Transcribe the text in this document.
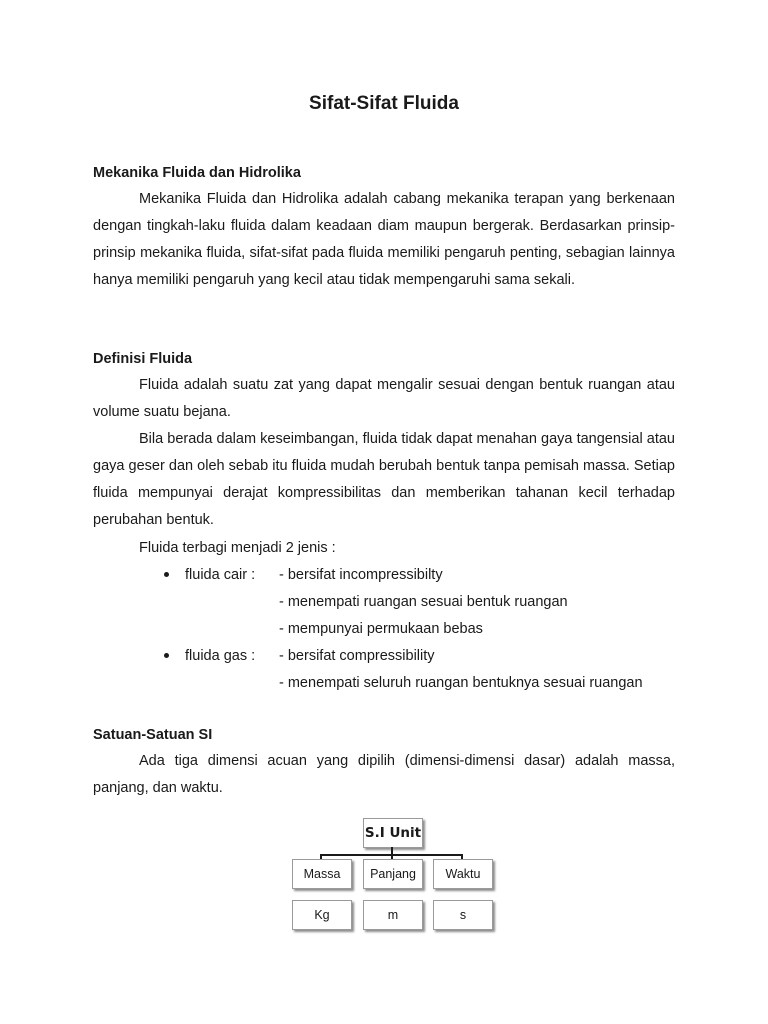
Sifat-Sifat Fluida
Mekanika Fluida dan Hidrolika
Mekanika Fluida dan Hidrolika adalah cabang mekanika terapan yang berkenaan dengan tingkah-laku fluida dalam keadaan diam maupun bergerak. Berdasarkan prinsip-prinsip mekanika fluida, sifat-sifat pada fluida memiliki pengaruh penting, sebagian lainnya hanya memiliki pengaruh yang kecil atau tidak mempengaruhi sama sekali.
Definisi Fluida
Fluida adalah suatu zat yang dapat mengalir sesuai dengan bentuk ruangan atau volume suatu bejana.
Bila berada dalam keseimbangan, fluida tidak dapat menahan gaya tangensial atau gaya geser dan oleh sebab itu fluida mudah berubah bentuk tanpa pemisah massa. Setiap fluida mempunyai derajat kompressibilitas dan memberikan tahanan kecil terhadap perubahan bentuk.
Fluida terbagi menjadi 2 jenis :
fluida cair : - bersifat incompressibilty
- menempati ruangan sesuai bentuk ruangan
- mempunyai permukaan bebas
fluida gas : - bersifat compressibility
- menempati seluruh ruangan bentuknya sesuai ruangan
Satuan-Satuan SI
Ada tiga dimensi acuan yang dipilih (dimensi-dimensi dasar) adalah massa, panjang, dan waktu.
S.I Unit
Massa	Panjang	Waktu
Kg	m	s
